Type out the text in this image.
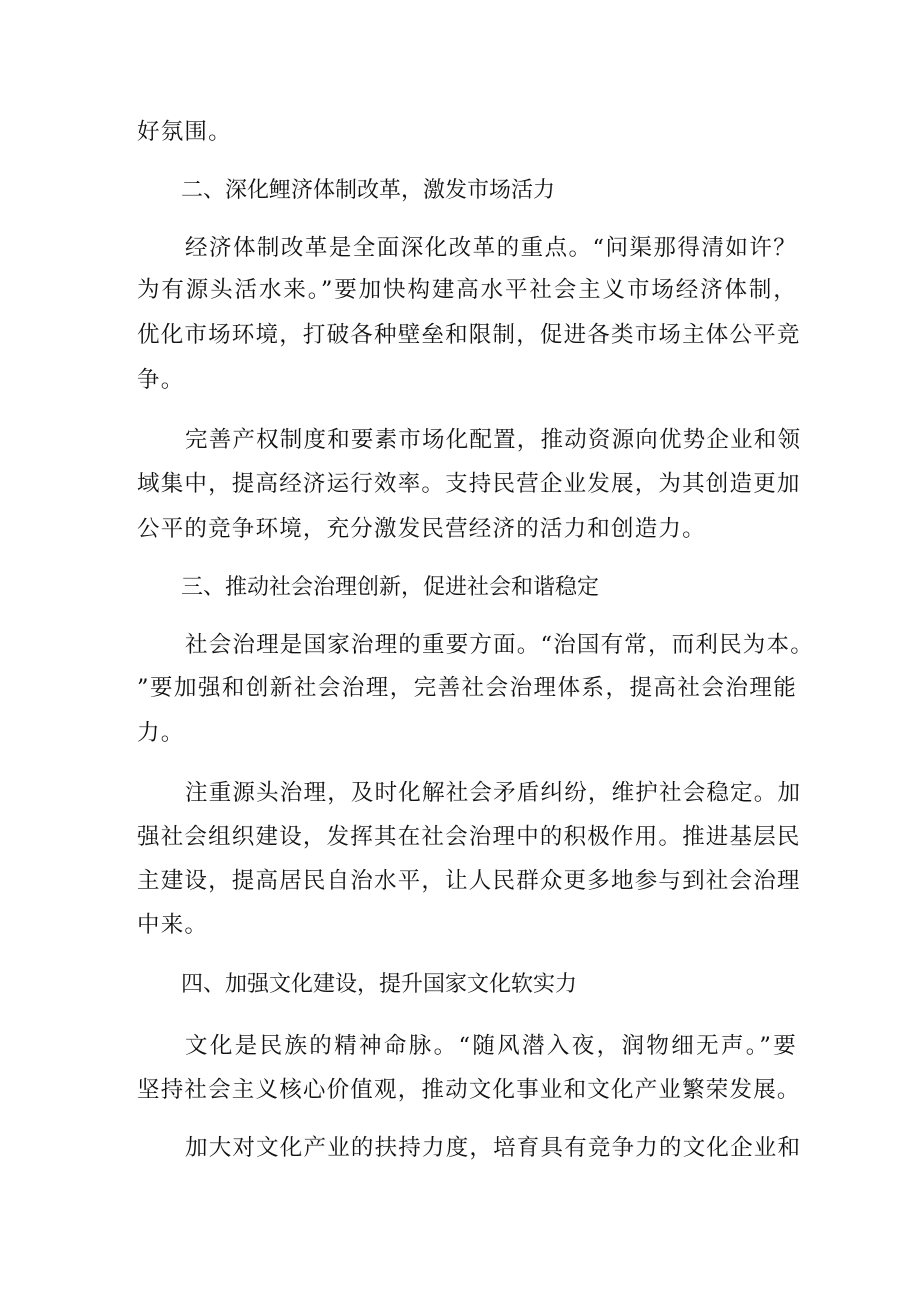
好氛围。
二、深化鲤济体制改革，激发市场活力
经济体制改革是全面深化改革的重点。“问渠那得清如许？
为有源头活水来。”要加快构建高水平社会主义市场经济体制，
优化市场环境，打破各种壁垒和限制，促进各类市场主体公平竞
争。
完善产权制度和要素市场化配置，推动资源向优势企业和领
域集中，提高经济运行效率。支持民营企业发展，为其创造更加
公平的竞争环境，充分激发民营经济的活力和创造力。
三、推动社会治理创新，促进社会和谐稳定
社会治理是国家治理的重要方面。“治国有常，而利民为本。
”要加强和创新社会治理，完善社会治理体系，提高社会治理能
力。
注重源头治理，及时化解社会矛盾纠纷，维护社会稳定。加
强社会组织建设，发挥其在社会治理中的积极作用。推进基层民
主建设，提高居民自治水平，让人民群众更多地参与到社会治理
中来。
四、加强文化建设，提升国家文化软实力
文化是民族的精神命脉。“随风潜入夜，润物细无声。”要
坚持社会主义核心价值观，推动文化事业和文化产业繁荣发展。
加大对文化产业的扶持力度，培育具有竞争力的文化企业和
